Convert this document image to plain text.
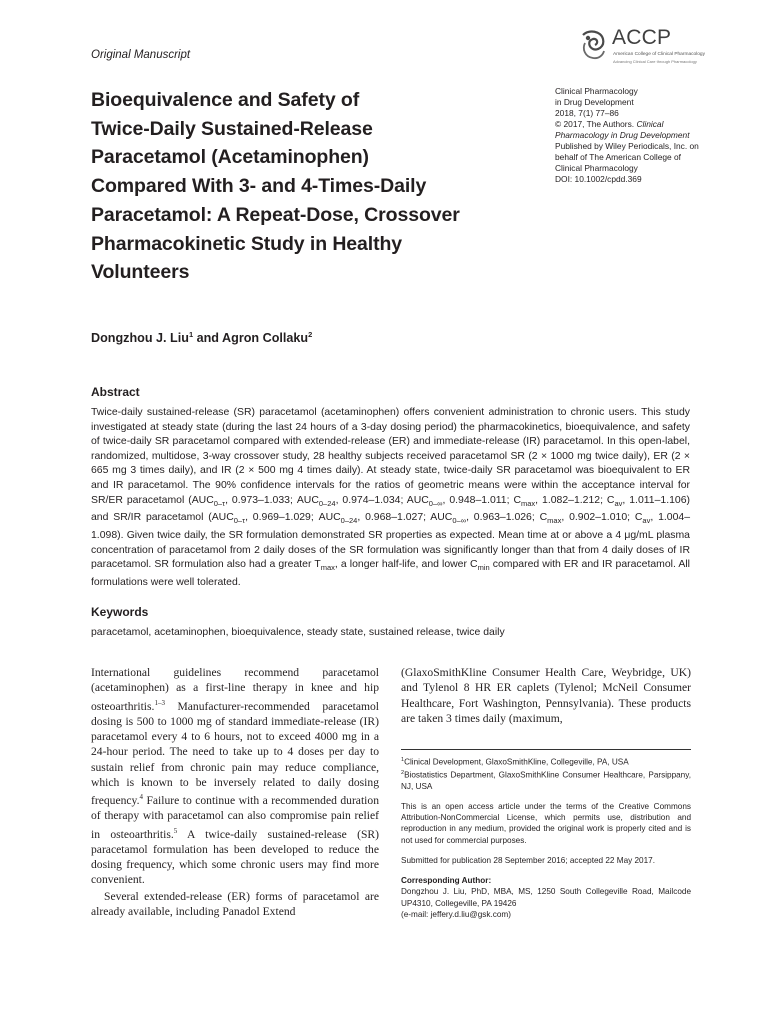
Original Manuscript
ACCP
American College of Clinical Pharmacology
Advancing Clinical Care through Pharmacology
Bioequivalence and Safety of
Twice-Daily Sustained-Release
Paracetamol (Acetaminophen)
Compared With 3- and 4-Times-Daily
Paracetamol: A Repeat-Dose, Crossover
Pharmacokinetic Study in Healthy
Volunteers
Clinical Pharmacology
in Drug Development
2018, 7(1) 77–86
© 2017, The Authors. Clinical
Pharmacology in Drug Development
Published by Wiley Periodicals, Inc. on
behalf of The American College of
Clinical Pharmacology
DOI: 10.1002/cpdd.369
Dongzhou J. Liu$^1$ and Agron Collaku$^2$
Abstract
Twice-daily sustained-release (SR) paracetamol (acetaminophen) offers convenient administration to chronic users. This study investigated at steady state (during the last 24 hours of a 3-day dosing period) the pharmacokinetics, bioequivalence, and safety of twice-daily SR paracetamol compared with extended-release (ER) and immediate-release (IR) paracetamol. In this open-label, randomized, multidose, 3-way crossover study, 28 healthy subjects received paracetamol SR (2 × 1000 mg twice daily), ER (2 × 665 mg 3 times daily), and IR (2 × 500 mg 4 times daily). At steady state, twice-daily SR paracetamol was bioequivalent to ER and IR paracetamol. The 90% confidence intervals for the ratios of geometric means were within the acceptance interval for SR/ER paracetamol ($AUC_{0-\tau}$, 0.973–1.033; $AUC_{0-24}$, 0.974–1.034; $AUC_{0-\infty}$, 0.948–1.011; $C_{max}$, 1.082–1.212; $C_{av}$, 1.011–1.106) and SR/IR paracetamol ($AUC_{0-\tau}$, 0.969–1.029; $AUC_{0-24}$, 0.968–1.027; $AUC_{0-\infty}$, 0.963–1.026; $C_{max}$, 0.902–1.010; $C_{av}$, 1.004–1.098). Given twice daily, the SR formulation demonstrated SR properties as expected. Mean time at or above a 4 μg/mL plasma concentration of paracetamol from 2 daily doses of the SR formulation was significantly longer than that from 4 daily doses of IR paracetamol. SR formulation also had a greater $T_{max}$, a longer half-life, and lower $C_{min}$ compared with ER and IR paracetamol. All formulations were well tolerated.
Keywords
paracetamol, acetaminophen, bioequivalence, steady state, sustained release, twice daily

International guidelines recommend paracetamol (acetaminophen) as a first-line therapy in knee and hip osteoarthritis.$^{1-3}$ Manufacturer-recommended paracetamol dosing is 500 to 1000 mg of standard immediate-release (IR) paracetamol every 4 to 6 hours, not to exceed 4000 mg in a 24-hour period. The need to take up to 4 doses per day to sustain relief from chronic pain may reduce compliance, which is known to be inversely related to daily dosing frequency.$^4$ Failure to continue with a recommended duration of therapy with paracetamol can also compromise pain relief in osteoarthritis.$^5$ A twice-daily sustained-release (SR) paracetamol formulation has been developed to reduce the dosing frequency, which some chronic users may find more convenient.

Several extended-release (ER) forms of paracetamol are already available, including Panadol Extend

(GlaxoSmithKline Consumer Health Care, Weybridge, UK) and Tylenol 8 HR ER caplets (Tylenol; McNeil Consumer Healthcare, Fort Washington, Pennsylvania). These products are taken 3 times daily (maximum,

$^1$Clinical Development, GlaxoSmithKline, Collegeville, PA, USA

$^2$Biostatistics Department, GlaxoSmithKline Consumer Healthcare, Parsippany, NJ, USA

This is an open access article under the terms of the Creative Commons Attribution-NonCommercial License, which permits use, distribution and reproduction in any medium, provided the original work is properly cited and is not used for commercial purposes.

Submitted for publication 28 September 2016; accepted 22 May 2017.

Corresponding Author:

Dongzhou J. Liu, PhD, MBA, MS, 1250 South Collegeville Road, Mailcode UP4310, Collegeville, PA 19426

(e-mail: jeffery.d.liu@gsk.com)
